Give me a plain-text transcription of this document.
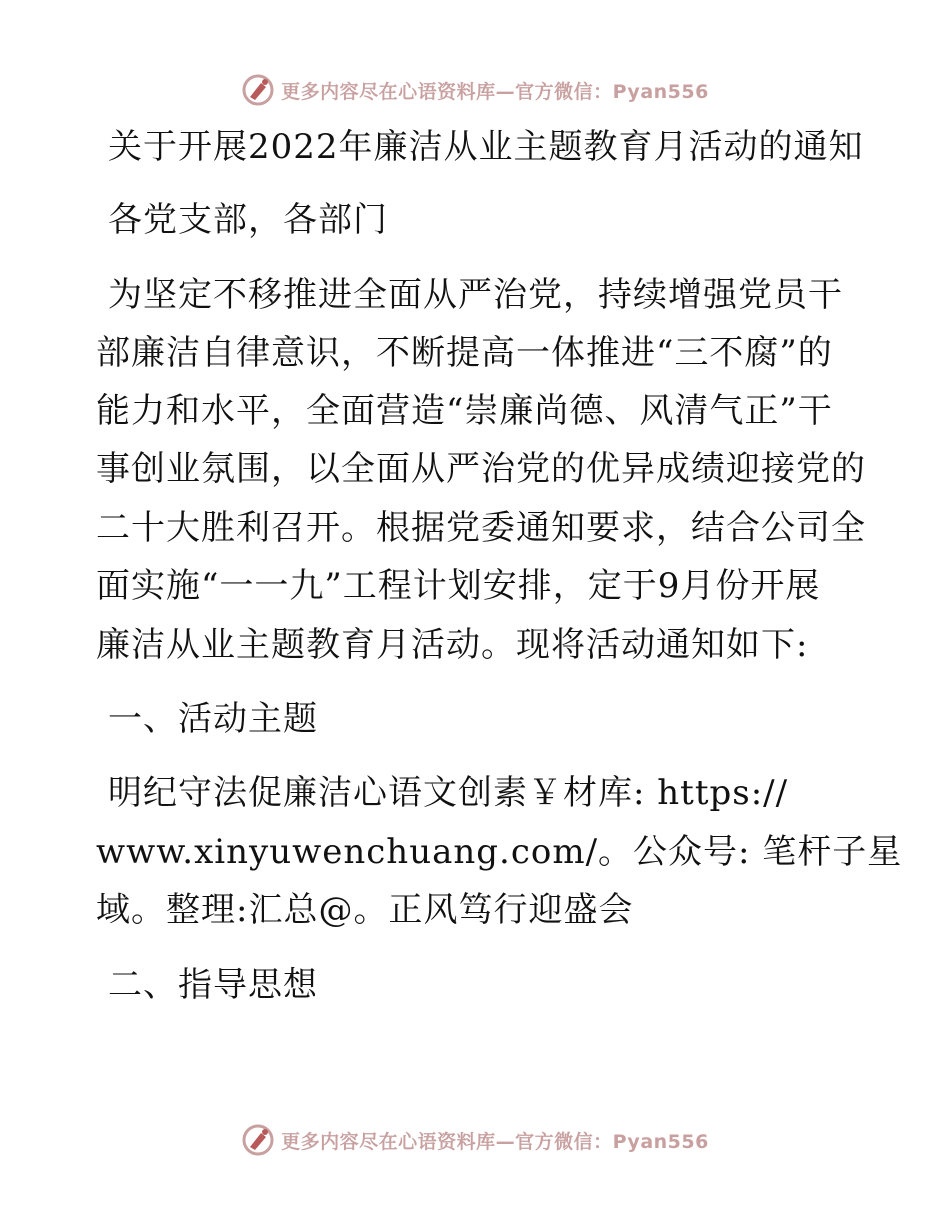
更多内容尽在心语资料库—官方微信：Pyan556
关于开展2022年廉洁从业主题教育月活动的通知
各党支部，各部门
为坚定不移推进全面从严治党，持续增强党员干
部廉洁自律意识，不断提高一体推进“三不腐”的
能力和水平，全面营造“崇廉尚德、风清气正”干
事创业氛围，以全面从严治党的优异成绩迎接党的
二十大胜利召开。根据党委通知要求，结合公司全
面实施“一一九”工程计划安排，定于9月份开展
廉洁从业主题教育月活动。现将活动通知如下:
一、活动主题
明纪守法促廉洁心语文创素￥材库: https://
www.xinyuwenchuang.com/。公众号: 笔杆子星
域。整理:汇总@。正风笃行迎盛会
二、指导思想
更多内容尽在心语资料库—官方微信：Pyan556
